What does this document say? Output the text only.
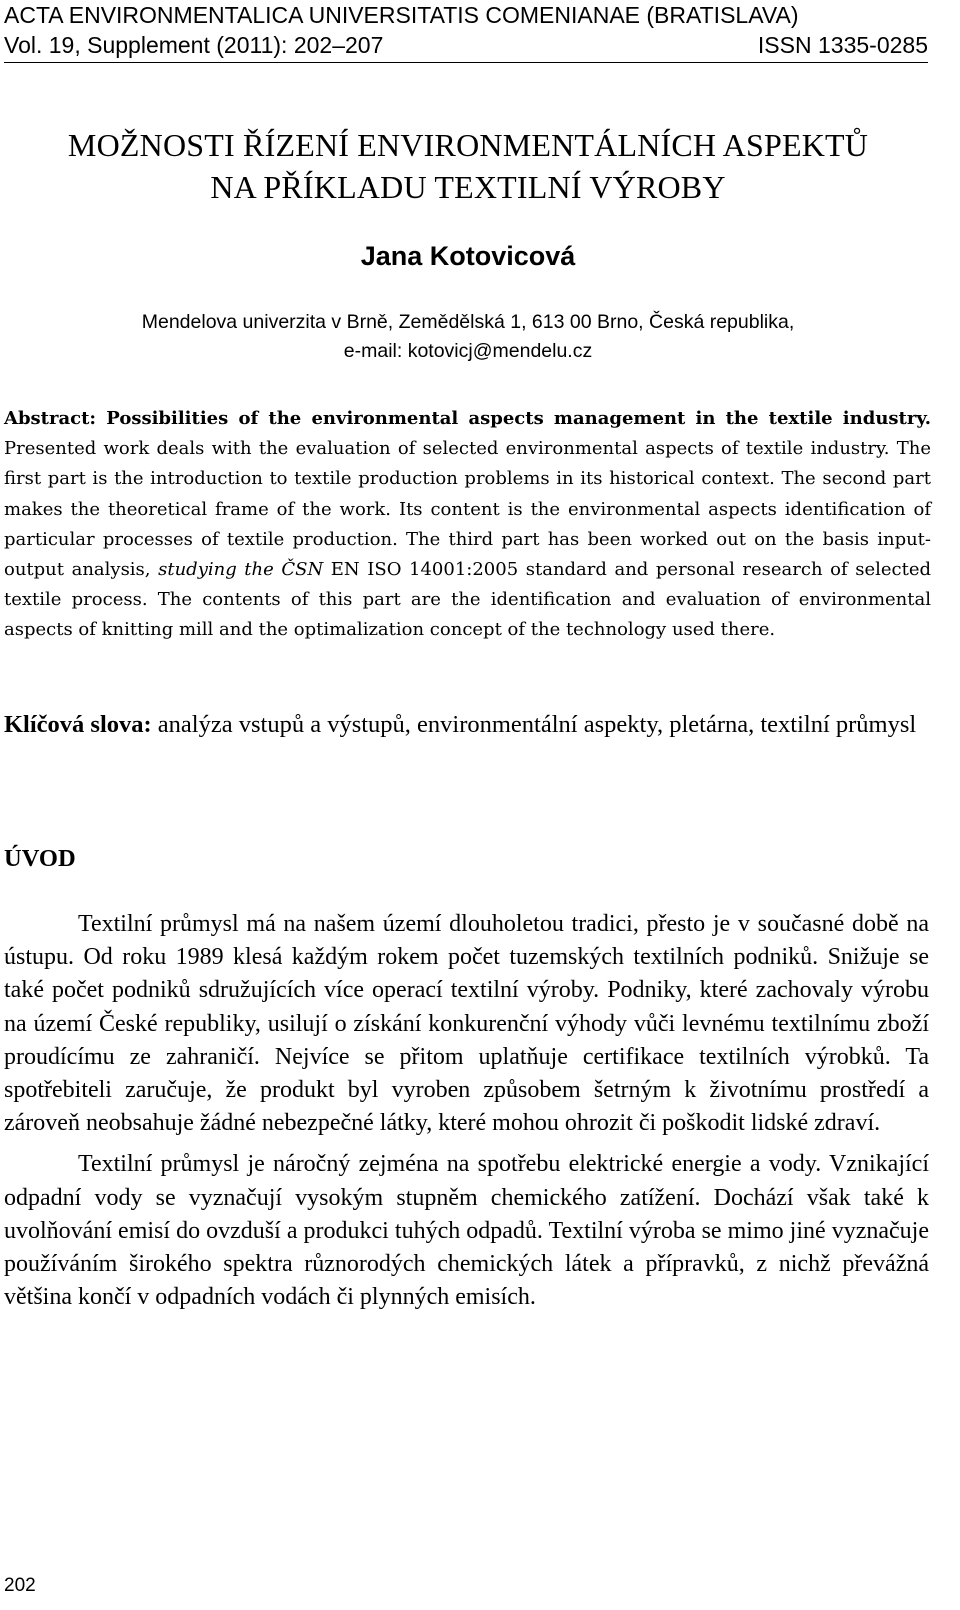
ACTA ENVIRONMENTALICA UNIVERSITATIS COMENIANAE (BRATISLAVA)
Vol. 19, Supplement (2011): 202–207	ISSN 1335-0285
MOŽNOSTI ŘÍZENÍ ENVIRONMENTÁLNÍCH ASPEKTŮ
NA PŘÍKLADU TEXTILNÍ VÝROBY
Jana Kotovicová
Mendelova univerzita v Brně, Zemědělská 1, 613 00 Brno, Česká republika,
e-mail: kotovicj@mendelu.cz
Abstract: Possibilities of the environmental aspects management in the textile industry. Presented work deals with the evaluation of selected environmental aspects of textile industry. The first part is the introduction to textile production problems in its historical context. The second part makes the theoretical frame of the work. Its content is the environmental aspects identification of particular processes of textile production. The third part has been worked out on the basis input-output analysis, studying the ČSN EN ISO 14001:2005 standard and personal research of selected textile process. The contents of this part are the identification and evaluation of environmental aspects of knitting mill and the optimalization concept of the technology used there.
Klíčová slova: analýza vstupů a výstupů, environmentální aspekty, pletárna, textilní průmysl
ÚVOD

Textilní průmysl má na našem území dlouholetou tradici, přesto je v současné době na ústupu. Od roku 1989 klesá každým rokem počet tuzemských textilních podniků. Snižuje se také počet podniků sdružujících více operací textilní výroby. Podniky, které zachovaly výrobu na území České republiky, usilují o získání konkurenční výhody vůči levnému textilnímu zboží proudícímu ze zahraničí. Nejvíce se přitom uplatňuje certifikace textilních výrobků. Ta spotřebiteli zaručuje, že produkt byl vyroben způsobem šetrným k životnímu prostředí a zároveň neobsahuje žádné nebezpečné látky, které mohou ohrozit či poškodit lidské zdraví.

Textilní průmysl je náročný zejména na spotřebu elektrické energie a vody. Vznikající odpadní vody se vyznačují vysokým stupněm chemického zatížení. Dochází však také k uvolňování emisí do ovzduší a produkci tuhých odpadů. Textilní výroba se mimo jiné vyznačuje používáním širokého spektra různorodých chemických látek a přípravků, z nichž převážná většina končí v odpadních vodách či plynných emisích.

202
